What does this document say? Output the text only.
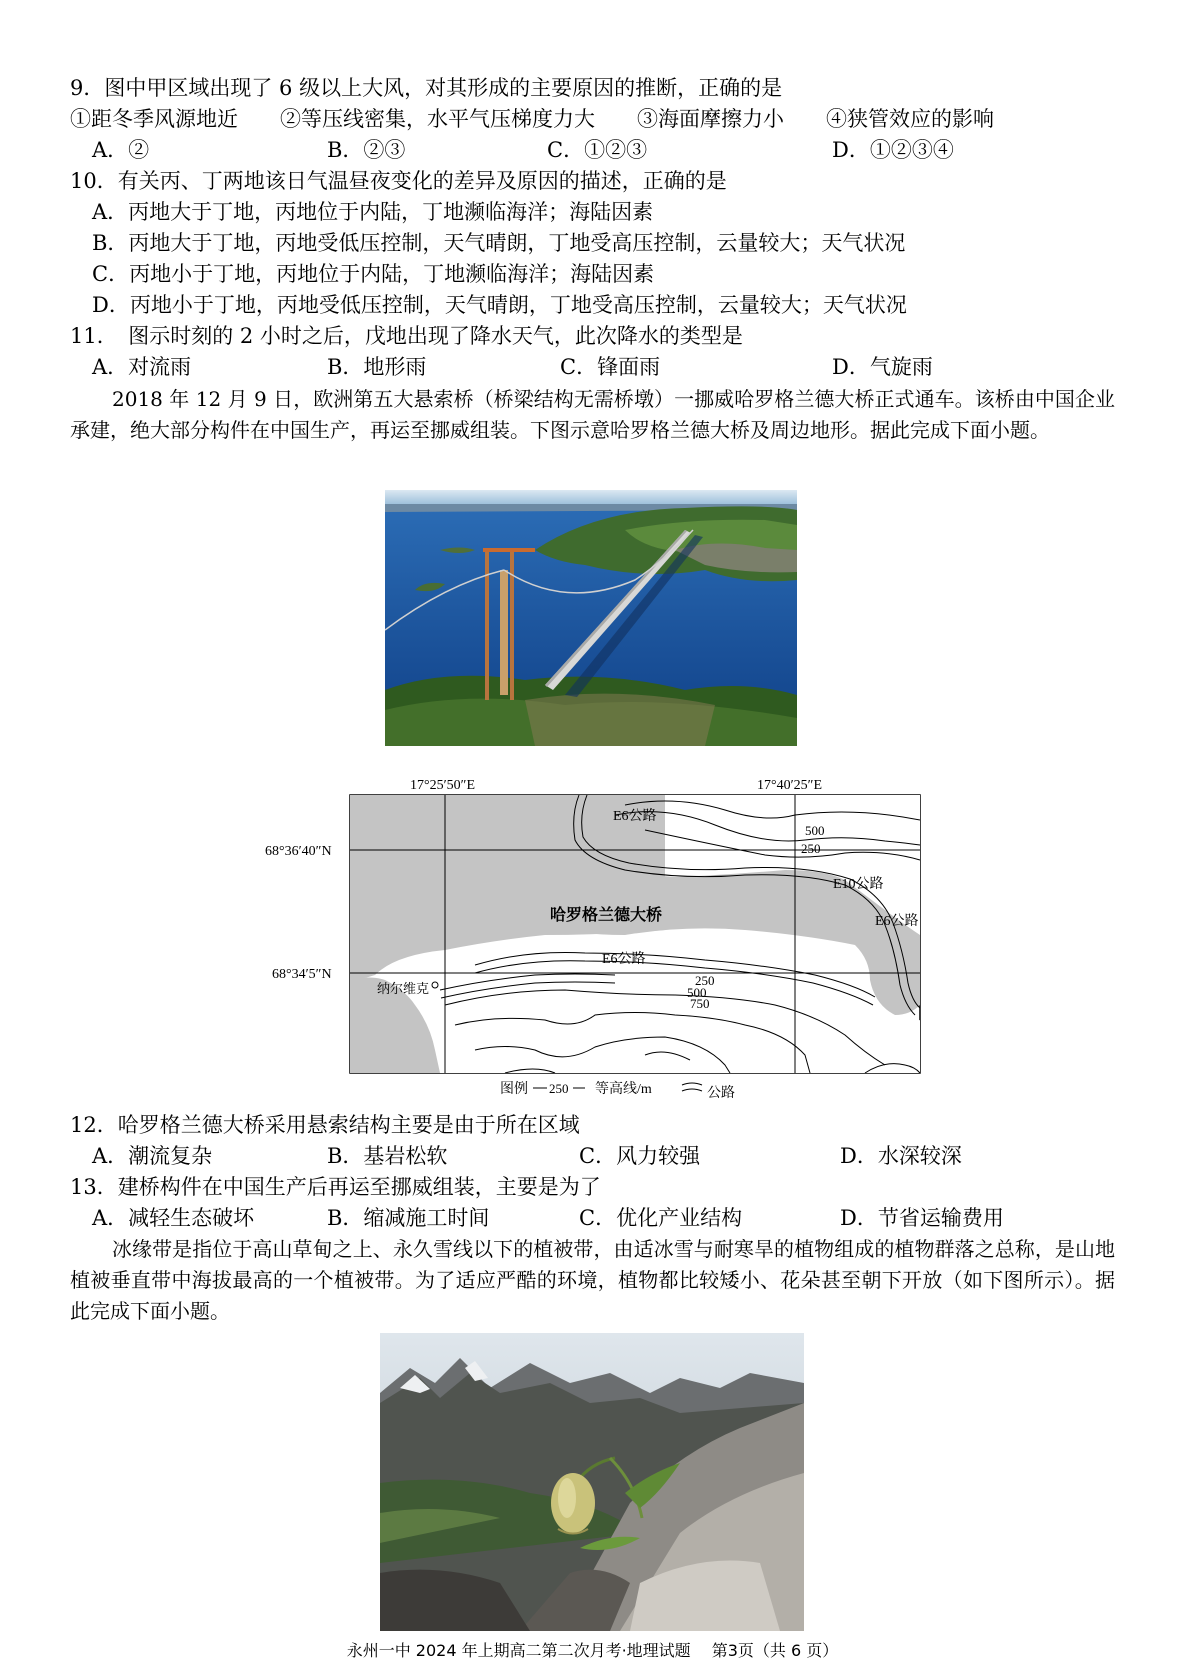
9．图中甲区域出现了 6 级以上大风，对其形成的主要原因的推断，正确的是
①距冬季风源地近　　②等压线密集，水平气压梯度力大　　③海面摩擦力小　　④狭管效应的影响
A．②	B．②③	C．①②③	D．①②③④
10．有关丙、丁两地该日气温昼夜变化的差异及原因的描述，正确的是
A．丙地大于丁地，丙地位于内陆，丁地濒临海洋；海陆因素
B．丙地大于丁地，丙地受低压控制，天气晴朗，丁地受高压控制，云量较大；天气状况
C．丙地小于丁地，丙地位于内陆，丁地濒临海洋；海陆因素
D．丙地小于丁地，丙地受低压控制，天气晴朗，丁地受高压控制，云量较大；天气状况
11．　图示时刻的 2 小时之后，戊地出现了降水天气，此次降水的类型是
A．对流雨	B．地形雨	C．锋面雨	D．气旋雨
2018 年 12 月 9 日，欧洲第五大悬索桥（桥梁结构无需桥墩）一挪威哈罗格兰德大桥正式通车。该桥由中国企业承建，绝大部分构件在中国生产，再运至挪威组装。下图示意哈罗格兰德大桥及周边地形。据此完成下面小题。
17°25′50″E	17°40′25″E
68°36′40″N
68°34′5″N
E6公路
500
250
E10公路
E6公路
哈罗格兰德大桥
E6公路
纳尔维克
250
500
750
图例 250 等高线/m	公路
12．哈罗格兰德大桥采用悬索结构主要是由于所在区域
A．潮流复杂	B．基岩松软	C．风力较强	D．水深较深
13．建桥构件在中国生产后再运至挪威组装，主要是为了
A．减轻生态破坏	B．缩减施工时间	C．优化产业结构	D．节省运输费用
冰缘带是指位于高山草甸之上、永久雪线以下的植被带，由适冰雪与耐寒旱的植物组成的植物群落之总称，是山地植被垂直带中海拔最高的一个植被带。为了适应严酷的环境，植物都比较矮小、花朵甚至朝下开放（如下图所示）。据此完成下面小题。
永州一中 2024 年上期高二第二次月考·地理试题　 第3页（共 6 页）
